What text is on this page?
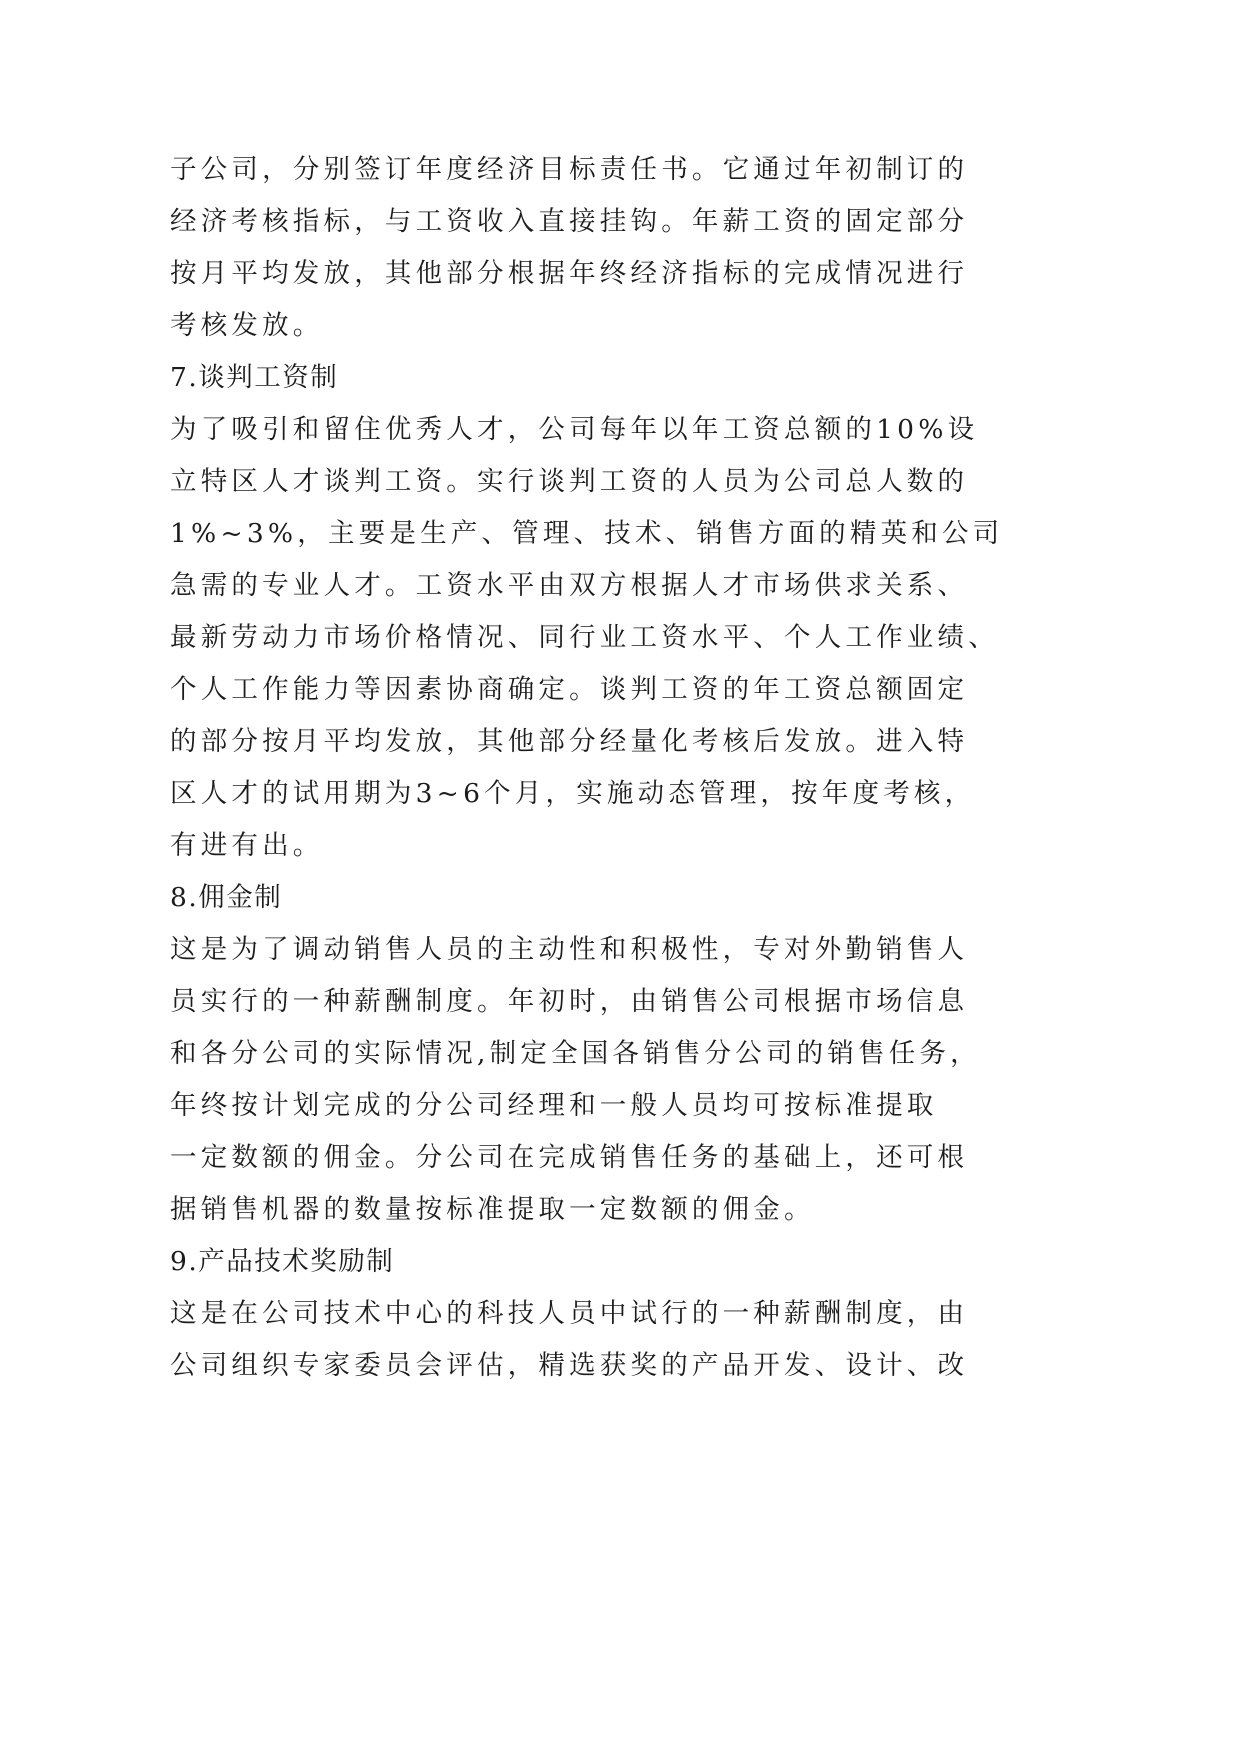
子公司，分别签订年度经济目标责任书。它通过年初制订的
经济考核指标，与工资收入直接挂钩。年薪工资的固定部分
按月平均发放，其他部分根据年终经济指标的完成情况进行
考核发放。
7.谈判工资制
为了吸引和留住优秀人才，公司每年以年工资总额的10%设
立特区人才谈判工资。实行谈判工资的人员为公司总人数的
1%~3%，主要是生产、管理、技术、销售方面的精英和公司
急需的专业人才。工资水平由双方根据人才市场供求关系、
最新劳动力市场价格情况、同行业工资水平、个人工作业绩、
个人工作能力等因素协商确定。谈判工资的年工资总额固定
的部分按月平均发放，其他部分经量化考核后发放。进入特
区人才的试用期为3~6个月，实施动态管理，按年度考核，
有进有出。
8.佣金制
这是为了调动销售人员的主动性和积极性，专对外勤销售人
员实行的一种薪酬制度。年初时，由销售公司根据市场信息
和各分公司的实际情况,制定全国各销售分公司的销售任务，
年终按计划完成的分公司经理和一般人员均可按标准提取
一定数额的佣金。分公司在完成销售任务的基础上，还可根
据销售机器的数量按标准提取一定数额的佣金。
9.产品技术奖励制
这是在公司技术中心的科技人员中试行的一种薪酬制度，由
公司组织专家委员会评估，精选获奖的产品开发、设计、改
